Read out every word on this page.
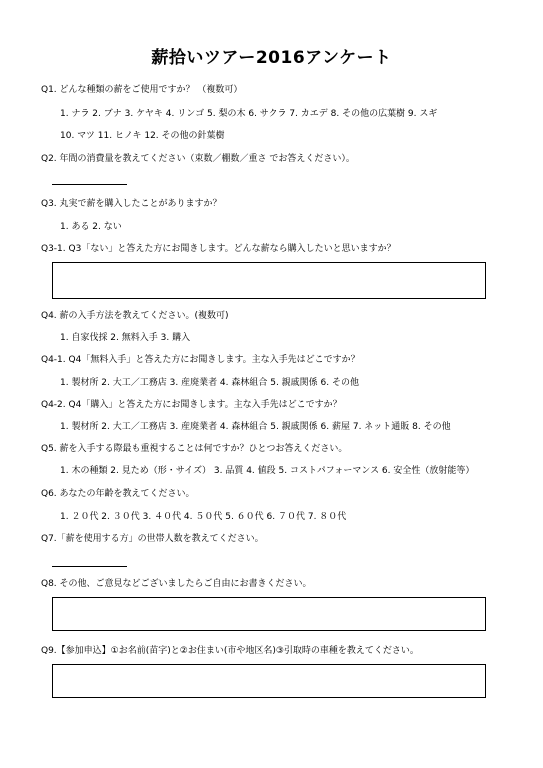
薪拾いツアー2016アンケート
Q1. どんな種類の薪をご使用ですか？ （複数可）
1. ナラ 2. ブナ 3. ケヤキ 4. リンゴ 5. 梨の木 6. サクラ 7. カエデ 8. その他の広葉樹 9. スギ
10. マツ 11. ヒノキ 12. その他の針葉樹
Q2. 年間の消費量を教えてください（束数／棚数／重さ でお答えください）。
Q3. 丸実で薪を購入したことがありますか？
1. ある 2. ない
Q3-1. Q3「ない」と答えた方にお聞きします。どんな薪なら購入したいと思いますか？
Q4. 薪の入手方法を教えてください。(複数可)
1. 自家伐採 2. 無料入手 3. 購入
Q4-1. Q4「無料入手」と答えた方にお聞きします。主な入手先はどこですか？
1. 製材所 2. 大工／工務店 3. 産廃業者 4. 森林組合 5. 親戚関係 6. その他
Q4-2. Q4「購入」と答えた方にお聞きします。主な入手先はどこですか？
1. 製材所 2. 大工／工務店 3. 産廃業者 4. 森林組合 5. 親戚関係 6. 薪屋 7. ネット通販 8. その他
Q5. 薪を入手する際最も重視することは何ですか？ひとつお答えください。
1. 木の種類 2. 見ため（形・サイズ） 3. 品質 4. 値段 5. コストパフォーマンス 6. 安全性（放射能等）
Q6. あなたの年齢を教えてください。
1. ２０代 2. ３０代 3. ４０代 4. ５０代 5. ６０代 6. ７０代 7. ８０代
Q7.「薪を使用する方」の世帯人数を教えてください。
Q8. その他、ご意見などございましたらご自由にお書きください。
Q9.【参加申込】①お名前(苗字)と②お住まい(市や地区名)③引取時の車種を教えてください。
